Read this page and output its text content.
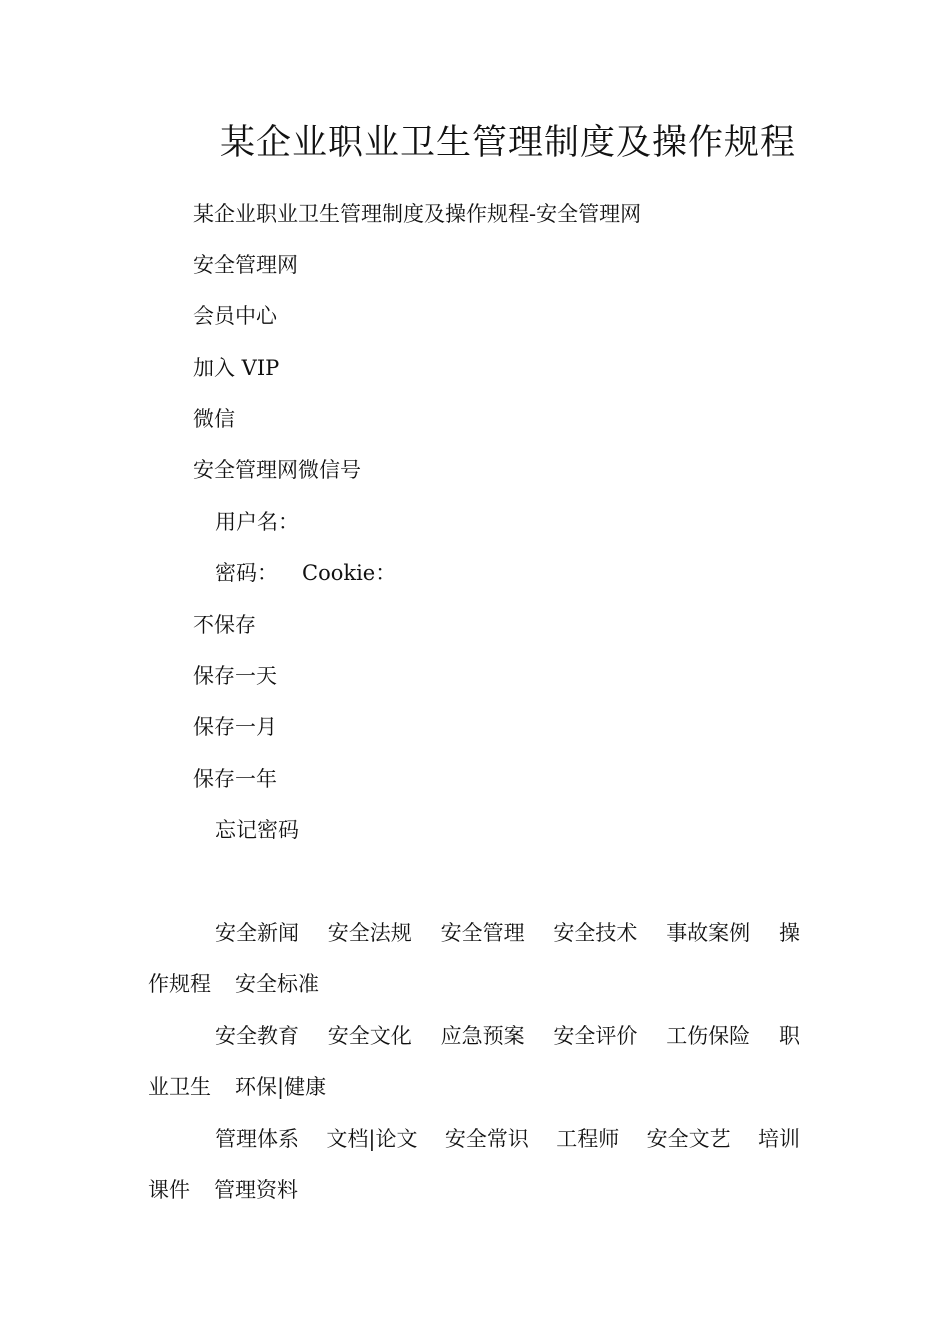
某企业职业卫生管理制度及操作规程
某企业职业卫生管理制度及操作规程-安全管理网
安全管理网
会员中心
加入 VIP
微信
安全管理网微信号
用户名：
密码： Cookie：
不保存
保存一天
保存一月
保存一年
忘记密码
安全新闻 安全法规 安全管理 安全技术 事故案例 操
作规程 安全标准
安全教育 安全文化 应急预案 安全评价 工伤保险 职
业卫生 环保|健康
管理体系 文档|论文 安全常识 工程师 安全文艺 培训
课件 管理资料
